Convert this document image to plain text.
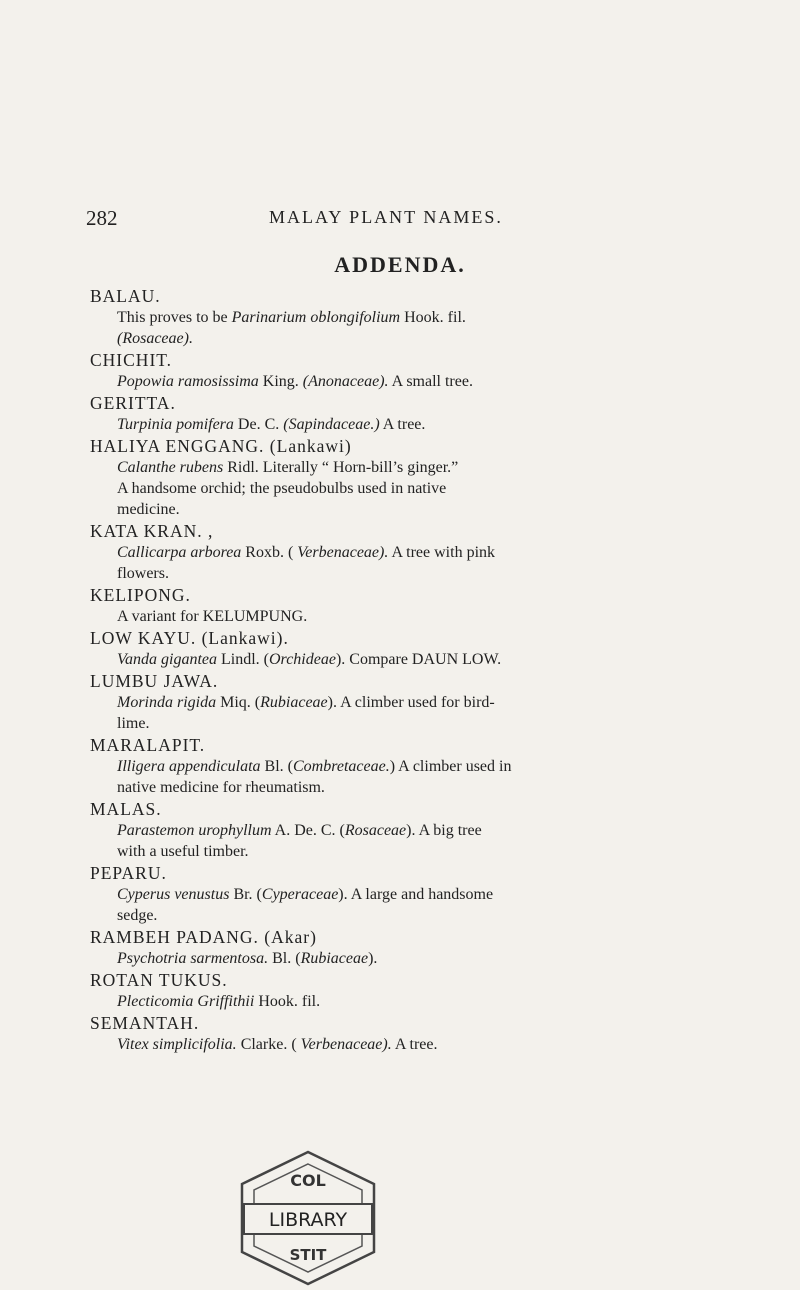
282	MALAY PLANT NAMES.
ADDENDA.
BALAU.
This proves to be Parinarium oblongifolium Hook. fil.
(Rosaceae).
CHICHIT.
Popowia ramosissima King. (Anonaceae). A small tree.
GERITTA.
Turpinia pomifera De. C. (Sapindaceae.) A tree.
HALIYA ENGGANG. (Lankawi)
Calanthe rubens Ridl. Literally “ Horn-bill’s ginger.”
A handsome orchid; the pseudobulbs used in native
medicine.
KATA KRAN. ,
Callicarpa arborea Roxb. ( Verbenaceae). A tree with pink
flowers.
KELIPONG.
A variant for KELUMPUNG.
LOW KAYU. (Lankawi).
Vanda gigantea Lindl. (Orchideae). Compare DAUN LOW.
LUMBU JAWA.
Morinda rigida Miq. (Rubiaceae). A climber used for bird-
lime.
MARALAPIT.
Illigera appendiculata Bl. (Combretaceae.) A climber used in
native medicine for rheumatism.
MALAS.
Parastemon urophyllum A. De. C. (Rosaceae). A big tree
with a useful timber.
PEPARU.
Cyperus venustus Br. (Cyperaceae). A large and handsome
sedge.
RAMBEH PADANG. (Akar)
Psychotria sarmentosa. Bl. (Rubiaceae).
ROTAN TUKUS.
Plecticomia Griffithii Hook. fil.
SEMANTAH.
Vitex simplicifolia. Clarke. ( Verbenaceae). A tree.
COL
LIBRARY
STIT
